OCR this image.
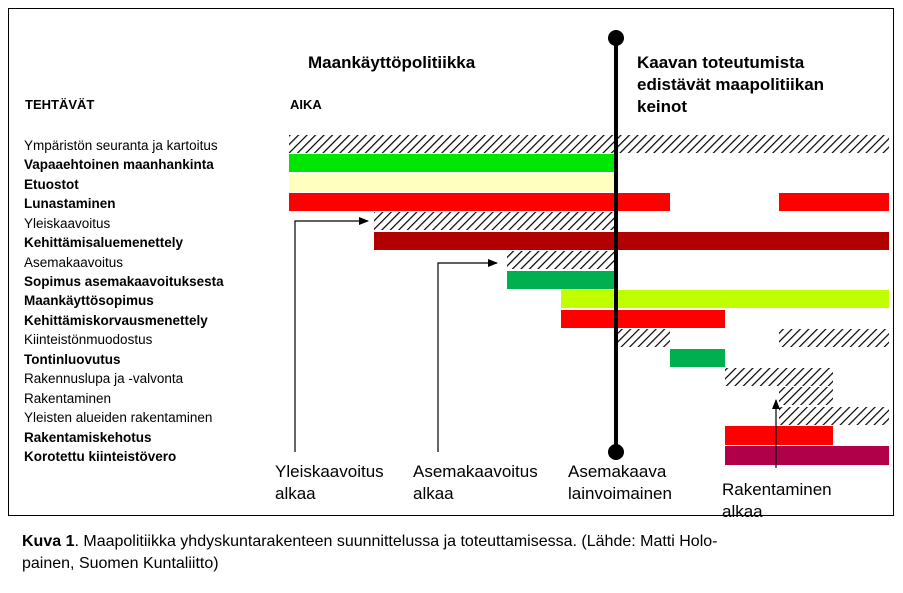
Maankäyttöpolitiikka	Kaavan toteutumista
edistävät maapolitiikan
keinot
TEHTÄVÄT	AIKA
Ympäristön seuranta ja kartoitus
Vapaaehtoinen maanhankinta
Etuostot
Lunastaminen
Yleiskaavoitus
Kehittämisaluemenettely
Asemakaavoitus
Sopimus asemakaavoituksesta
Maankäyttösopimus
Kehittämiskorvausmenettely
Kiinteistönmuodostus
Tontinluovutus
Rakennuslupa ja -valvonta
Rakentaminen
Yleisten alueiden rakentaminen
Rakentamiskehotus
Korotettu kiinteistövero
Yleiskaavoitus
alkaa
Asemakaavoitus
alkaa
Asemakaava
lainvoimainen	Rakentaminen
alkaa
Kuva 1. Maapolitiikka yhdyskuntarakenteen suunnittelussa ja toteuttamisessa. (Lähde: Matti Holo-
painen, Suomen Kuntaliitto)
